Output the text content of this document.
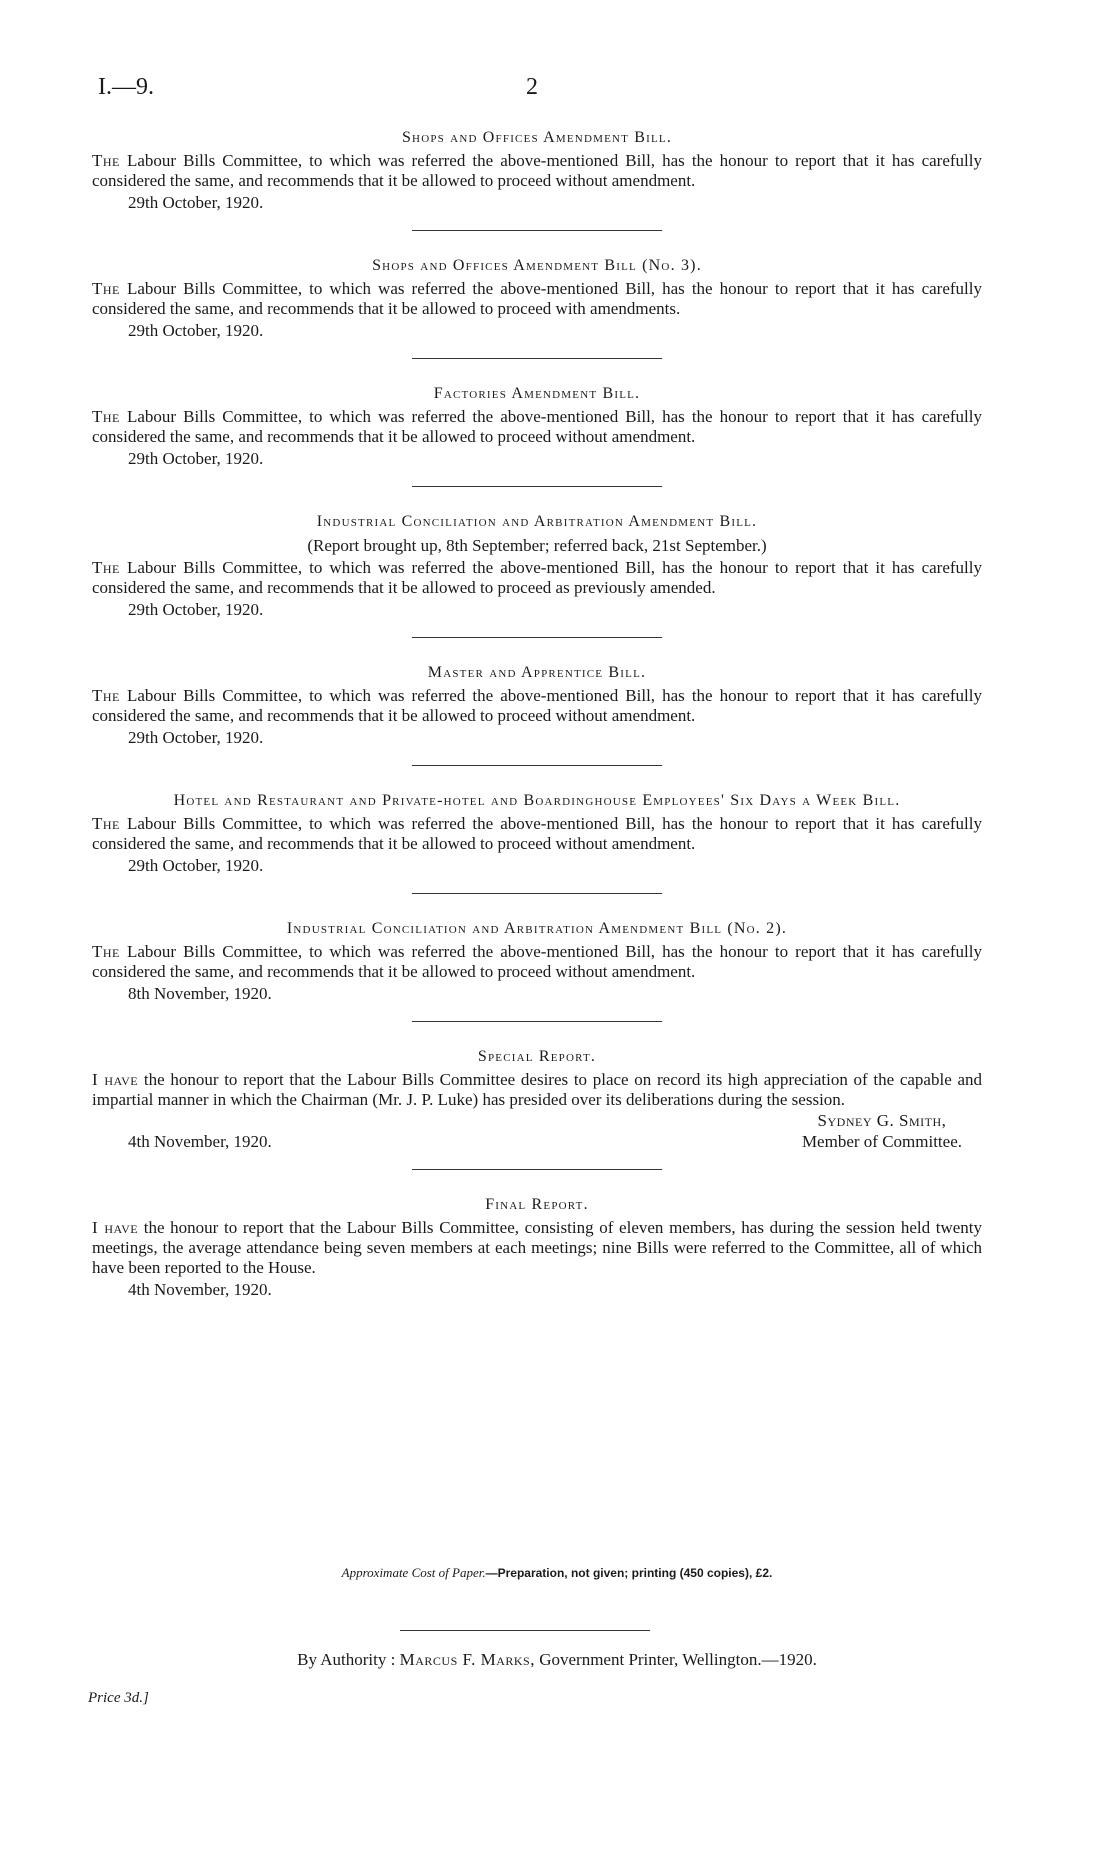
I.—9.	2
Shops and Offices Amendment Bill.

The Labour Bills Committee, to which was referred the above-mentioned Bill, has the honour to report that it has carefully considered the same, and recommends that it be allowed to proceed without amendment.

29th October, 1920.
Shops and Offices Amendment Bill (No. 3).

The Labour Bills Committee, to which was referred the above-mentioned Bill, has the honour to report that it has carefully considered the same, and recommends that it be allowed to proceed with amendments.

29th October, 1920.
Factories Amendment Bill.

The Labour Bills Committee, to which was referred the above-mentioned Bill, has the honour to report that it has carefully considered the same, and recommends that it be allowed to proceed without amendment.

29th October, 1920.
Industrial Conciliation and Arbitration Amendment Bill.
(Report brought up, 8th September; referred back, 21st September.)

The Labour Bills Committee, to which was referred the above-mentioned Bill, has the honour to report that it has carefully considered the same, and recommends that it be allowed to proceed as previously amended.

29th October, 1920.
Master and Apprentice Bill.

The Labour Bills Committee, to which was referred the above-mentioned Bill, has the honour to report that it has carefully considered the same, and recommends that it be allowed to proceed without amendment.

29th October, 1920.
Hotel and Restaurant and Private-hotel and Boardinghouse Employees' Six Days a Week Bill.

The Labour Bills Committee, to which was referred the above-mentioned Bill, has the honour to report that it has carefully considered the same, and recommends that it be allowed to proceed without amendment.

29th October, 1920.
Industrial Conciliation and Arbitration Amendment Bill (No. 2).

The Labour Bills Committee, to which was referred the above-mentioned Bill, has the honour to report that it has carefully considered the same, and recommends that it be allowed to proceed without amendment.

8th November, 1920.
Special Report.

I have the honour to report that the Labour Bills Committee desires to place on record its high appreciation of the capable and impartial manner in which the Chairman (Mr. J. P. Luke) has presided over its deliberations during the session.

4th November, 1920.
Sydney G. Smith,
Member of Committee.
Final Report.

I have the honour to report that the Labour Bills Committee, consisting of eleven members, has during the session held twenty meetings, the average attendance being seven members at each meetings; nine Bills were referred to the Committee, all of which have been reported to the House.

4th November, 1920.
Approximate Cost of Paper.—Preparation, not given; printing (450 copies), £2.
By Authority : Marcus F. Marks, Government Printer, Wellington.—1920.
Price 3d.]
